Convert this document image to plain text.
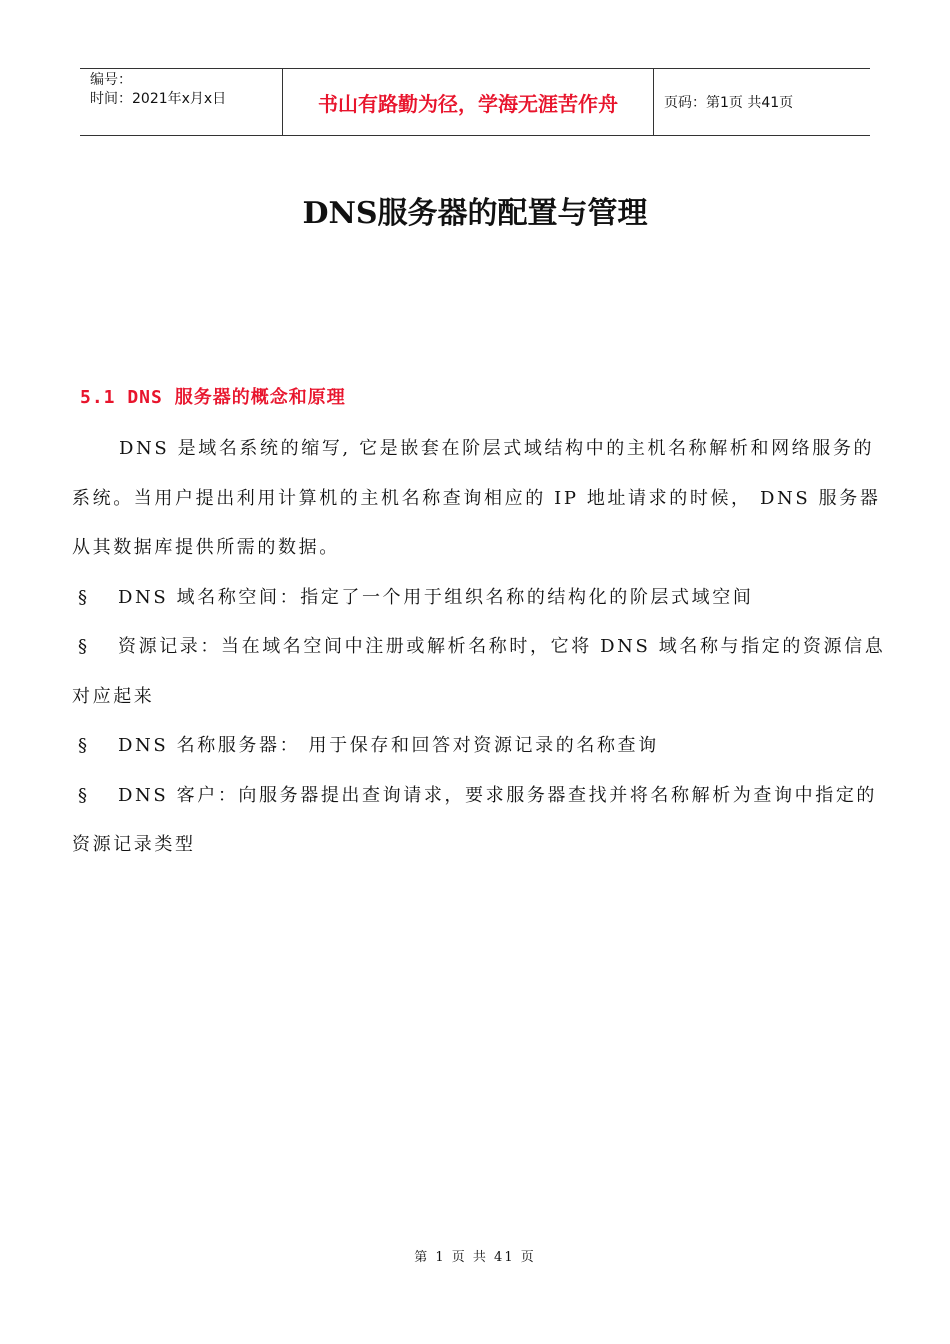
编号：
时间：2021年x月x日	书山有路勤为径，学海无涯苦作舟	页码：第1页 共41页
DNS服务器的配置与管理
5.1 DNS 服务器的概念和原理

DNS 是域名系统的缩写, 它是嵌套在阶层式域结构中的主机名称解析和网络服务的系统。当用户提出利用计算机的主机名称查询相应的 IP 地址请求的时候， DNS 服务器从其数据库提供所需的数据。

§ DNS 域名称空间：指定了一个用于组织名称的结构化的阶层式域空间

§ 资源记录：当在域名空间中注册或解析名称时，它将 DNS 域名称与指定的资源信息对应起来

§ DNS 名称服务器： 用于保存和回答对资源记录的名称查询

§ DNS 客户：向服务器提出查询请求，要求服务器查找并将名称解析为查询中指定的资源记录类型

第 1 页 共 41 页
